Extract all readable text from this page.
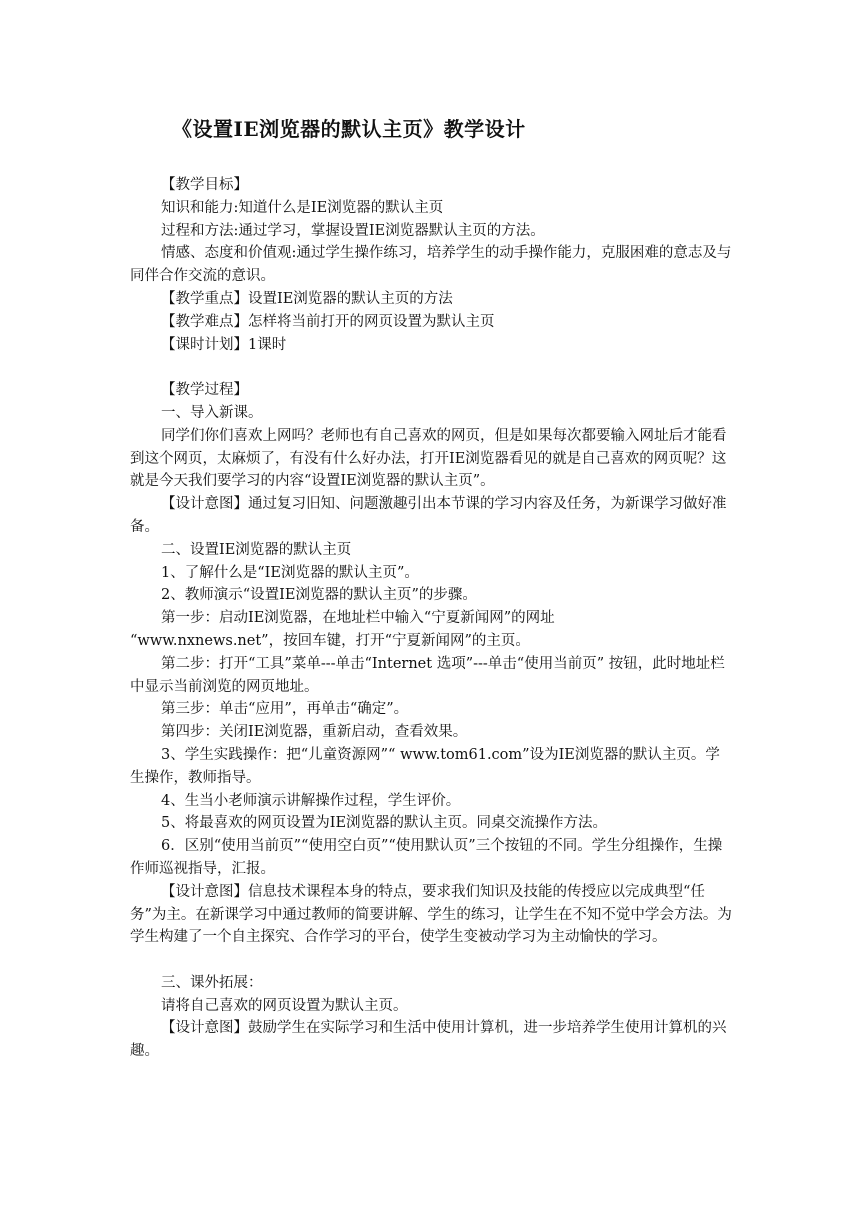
《设置IE浏览器的默认主页》教学设计

【教学目标】

知识和能力:知道什么是IE浏览器的默认主页

过程和方法:通过学习，掌握设置IE浏览器默认主页的方法。

情感、态度和价值观:通过学生操作练习，培养学生的动手操作能力，克服困难的意志及与同伴合作交流的意识。

【教学重点】设置IE浏览器的默认主页的方法

【教学难点】怎样将当前打开的网页设置为默认主页

【课时计划】1课时

【教学过程】

一、导入新课。

同学们你们喜欢上网吗？老师也有自己喜欢的网页，但是如果每次都要输入网址后才能看到这个网页，太麻烦了，有没有什么好办法，打开IE浏览器看见的就是自己喜欢的网页呢？这就是今天我们要学习的内容“设置IE浏览器的默认主页”。

【设计意图】通过复习旧知、问题激趣引出本节课的学习内容及任务，为新课学习做好准备。

二、设置IE浏览器的默认主页

1、了解什么是“IE浏览器的默认主页”。

2、教师演示“设置IE浏览器的默认主页”的步骤。

第一步：启动IE浏览器，在地址栏中输入“宁夏新闻网”的网址

“www.nxnews.net”，按回车键，打开“宁夏新闻网”的主页。

第二步：打开“工具”菜单---单击“Internet 选项”---单击“使用当前页” 按钮，此时地址栏中显示当前浏览的网页地址。

第三步：单击“应用”，再单击“确定”。

第四步：关闭IE浏览器，重新启动，查看效果。

3、学生实践操作：把“儿童资源网”“ www.tom61.com”设为IE浏览器的默认主页。学生操作，教师指导。

4、生当小老师演示讲解操作过程，学生评价。

5、将最喜欢的网页设置为IE浏览器的默认主页。同桌交流操作方法。

6．区别“使用当前页”“使用空白页”“使用默认页”三个按钮的不同。学生分组操作，生操作师巡视指导，汇报。

【设计意图】信息技术课程本身的特点，要求我们知识及技能的传授应以完成典型“任务”为主。在新课学习中通过教师的简要讲解、学生的练习，让学生在不知不觉中学会方法。为学生构建了一个自主探究、合作学习的平台，使学生变被动学习为主动愉快的学习。

三、课外拓展：

请将自己喜欢的网页设置为默认主页。

【设计意图】鼓励学生在实际学习和生活中使用计算机，进一步培养学生使用计算机的兴趣。
